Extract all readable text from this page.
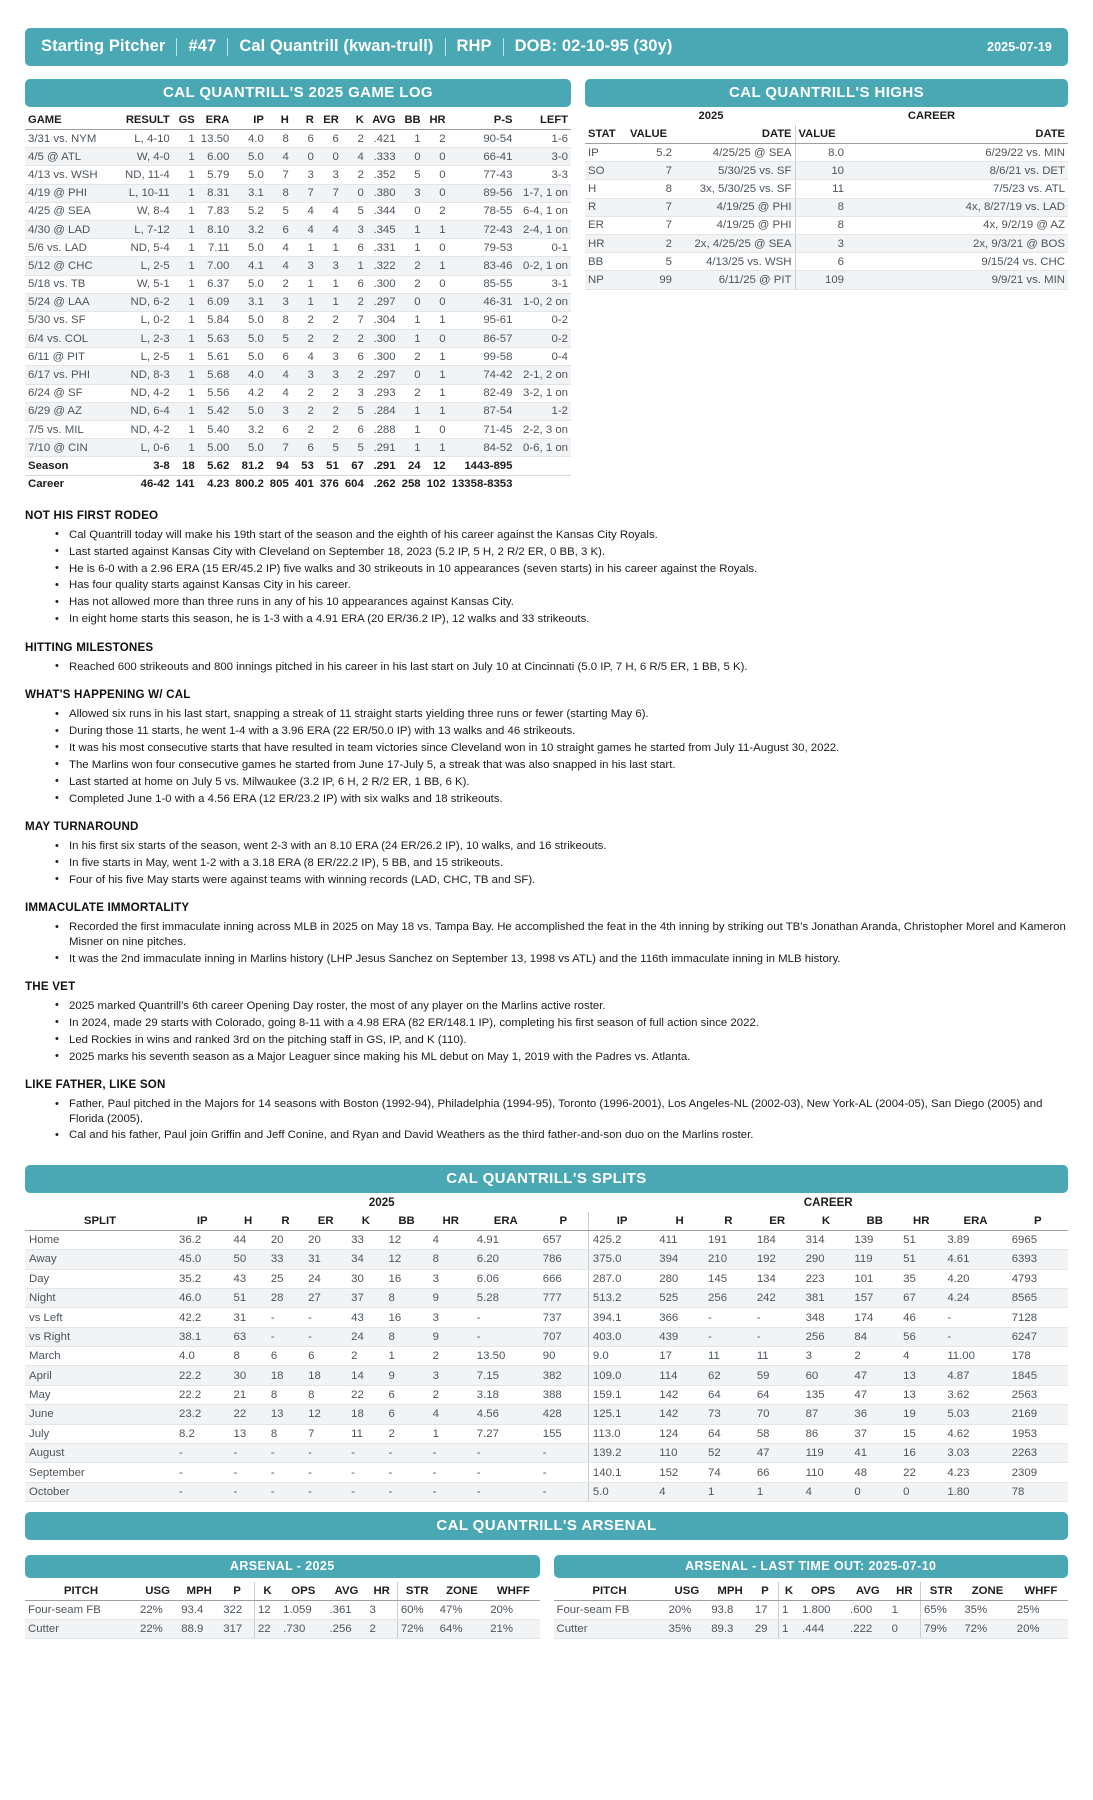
Starting Pitcher	#47	Cal Quantrill (kwan-trull)	RHP	DOB: 02-10-95 (30y)	2025-07-19
CAL QUANTRILL'S 2025 GAME LOG
GAME	RESULT	GS	ERA	IP	H	R	ER	K	AVG	BB	HR	P-S	LEFT
3/31 vs. NYM	L, 4-10	1	13.50	4.0	8	6	6	2	.421	1	2	90-54	1-6
4/5 @ ATL	W, 4-0	1	6.00	5.0	4	0	0	4	.333	0	0	66-41	3-0
4/13 vs. WSH	ND, 11-4	1	5.79	5.0	7	3	3	2	.352	5	0	77-43	3-3
4/19 @ PHI	L, 10-11	1	8.31	3.1	8	7	7	0	.380	3	0	89-56	1-7, 1 on
4/25 @ SEA	W, 8-4	1	7.83	5.2	5	4	4	5	.344	0	2	78-55	6-4, 1 on
4/30 @ LAD	L, 7-12	1	8.10	3.2	6	4	4	3	.345	1	1	72-43	2-4, 1 on
5/6 vs. LAD	ND, 5-4	1	7.11	5.0	4	1	1	6	.331	1	0	79-53	0-1
5/12 @ CHC	L, 2-5	1	7.00	4.1	4	3	3	1	.322	2	1	83-46	0-2, 1 on
5/18 vs. TB	W, 5-1	1	6.37	5.0	2	1	1	6	.300	2	0	85-55	3-1
5/24 @ LAA	ND, 6-2	1	6.09	3.1	3	1	1	2	.297	0	0	46-31	1-0, 2 on
5/30 vs. SF	L, 0-2	1	5.84	5.0	8	2	2	7	.304	1	1	95-61	0-2
6/4 vs. COL	L, 2-3	1	5.63	5.0	5	2	2	2	.300	1	0	86-57	0-2
6/11 @ PIT	L, 2-5	1	5.61	5.0	6	4	3	6	.300	2	1	99-58	0-4
6/17 vs. PHI	ND, 8-3	1	5.68	4.0	4	3	3	2	.297	0	1	74-42	2-1, 2 on
6/24 @ SF	ND, 4-2	1	5.56	4.2	4	2	2	3	.293	2	1	82-49	3-2, 1 on
6/29 @ AZ	ND, 6-4	1	5.42	5.0	3	2	2	5	.284	1	1	87-54	1-2
7/5 vs. MIL	ND, 4-2	1	5.40	3.2	6	2	2	6	.288	1	0	71-45	2-2, 3 on
7/10 @ CIN	L, 0-6	1	5.00	5.0	7	6	5	5	.291	1	1	84-52	0-6, 1 on
Season	3-8	18	5.62	81.2	94	53	51	67	.291	24	12	1443-895	
Career	46-42	141	4.23	800.2	805	401	376	604	.262	258	102	13358-8353	
CAL QUANTRILL'S HIGHS
	2025		CAREER	
STAT	VALUE	DATE	VALUE	DATE
IP	5.2	4/25/25 @ SEA	8.0	6/29/22 vs. MIN
SO	7	5/30/25 vs. SF	10	8/6/21 vs. DET
H	8	3x, 5/30/25 vs. SF	11	7/5/23 vs. ATL
R	7	4/19/25 @ PHI	8	4x, 8/27/19 vs. LAD
ER	7	4/19/25 @ PHI	8	4x, 9/2/19 @ AZ
HR	2	2x, 4/25/25 @ SEA	3	2x, 9/3/21 @ BOS
BB	5	4/13/25 vs. WSH	6	9/15/24 vs. CHC
NP	99	6/11/25 @ PIT	109	9/9/21 vs. MIN
NOT HIS FIRST RODEO
• Cal Quantrill today will make his 19th start of the season and the eighth of his career against the Kansas City Royals.
• Last started against Kansas City with Cleveland on September 18, 2023 (5.2 IP, 5 H, 2 R/2 ER, 0 BB, 3 K).
• He is 6-0 with a 2.96 ERA (15 ER/45.2 IP) five walks and 30 strikeouts in 10 appearances (seven starts) in his career against the Royals.
• Has four quality starts against Kansas City in his career.
• Has not allowed more than three runs in any of his 10 appearances against Kansas City.
• In eight home starts this season, he is 1-3 with a 4.91 ERA (20 ER/36.2 IP), 12 walks and 33 strikeouts.
HITTING MILESTONES
• Reached 600 strikeouts and 800 innings pitched in his career in his last start on July 10 at Cincinnati (5.0 IP, 7 H, 6 R/5 ER, 1 BB, 5 K).
WHAT'S HAPPENING W/ CAL
• Allowed six runs in his last start, snapping a streak of 11 straight starts yielding three runs or fewer (starting May 6).
• During those 11 starts, he went 1-4 with a 3.96 ERA (22 ER/50.0 IP) with 13 walks and 46 strikeouts.
• It was his most consecutive starts that have resulted in team victories since Cleveland won in 10 straight games he started from July 11-August 30, 2022.
• The Marlins won four consecutive games he started from June 17-July 5, a streak that was also snapped in his last start.
• Last started at home on July 5 vs. Milwaukee (3.2 IP, 6 H, 2 R/2 ER, 1 BB, 6 K).
• Completed June 1-0 with a 4.56 ERA (12 ER/23.2 IP) with six walks and 18 strikeouts.
MAY TURNAROUND
• In his first six starts of the season, went 2-3 with an 8.10 ERA (24 ER/26.2 IP), 10 walks, and 16 strikeouts.
• In five starts in May, went 1-2 with a 3.18 ERA (8 ER/22.2 IP), 5 BB, and 15 strikeouts.
• Four of his five May starts were against teams with winning records (LAD, CHC, TB and SF).
IMMACULATE IMMORTALITY
• Recorded the first immaculate inning across MLB in 2025 on May 18 vs. Tampa Bay. He accomplished the feat in the 4th inning by striking out TB's Jonathan Aranda, Christopher Morel and Kameron Misner on nine pitches.
• It was the 2nd immaculate inning in Marlins history (LHP Jesus Sanchez on September 13, 1998 vs ATL) and the 116th immaculate inning in MLB history.
THE VET
• 2025 marked Quantrill's 6th career Opening Day roster, the most of any player on the Marlins active roster.
• In 2024, made 29 starts with Colorado, going 8-11 with a 4.98 ERA (82 ER/148.1 IP), completing his first season of full action since 2022.
• Led Rockies in wins and ranked 3rd on the pitching staff in GS, IP, and K (110).
• 2025 marks his seventh season as a Major Leaguer since making his ML debut on May 1, 2019 with the Padres vs. Atlanta.
LIKE FATHER, LIKE SON
• Father, Paul pitched in the Majors for 14 seasons with Boston (1992-94), Philadelphia (1994-95), Toronto (1996-2001), Los Angeles-NL (2002-03), New York-AL (2004-05), San Diego (2005) and Florida (2005).
• Cal and his father, Paul join Griffin and Jeff Conine, and Ryan and David Weathers as the third father-and-son duo on the Marlins roster.
CAL QUANTRILL'S SPLITS
	2025									CAREER								
SPLIT	IP	H	R	ER	K	BB	HR	ERA	P	IP	H	R	ER	K	BB	HR	ERA	P
Home	36.2	44	20	20	33	12	4	4.91	657	425.2	411	191	184	314	139	51	3.89	6965
Away	45.0	50	33	31	34	12	8	6.20	786	375.0	394	210	192	290	119	51	4.61	6393
Day	35.2	43	25	24	30	16	3	6.06	666	287.0	280	145	134	223	101	35	4.20	4793
Night	46.0	51	28	27	37	8	9	5.28	777	513.2	525	256	242	381	157	67	4.24	8565
vs Left	42.2	31	-	-	43	16	3	-	737	394.1	366	-	-	348	174	46	-	7128
vs Right	38.1	63	-	-	24	8	9	-	707	403.0	439	-	-	256	84	56	-	6247
March	4.0	8	6	6	2	1	2	13.50	90	9.0	17	11	11	3	2	4	11.00	178
April	22.2	30	18	18	14	9	3	7.15	382	109.0	114	62	59	60	47	13	4.87	1845
May	22.2	21	8	8	22	6	2	3.18	388	159.1	142	64	64	135	47	13	3.62	2563
June	23.2	22	13	12	18	6	4	4.56	428	125.1	142	73	70	87	36	19	5.03	2169
July	8.2	13	8	7	11	2	1	7.27	155	113.0	124	64	58	86	37	15	4.62	1953
August	-	-	-	-	-	-	-	-	-	139.2	110	52	47	119	41	16	3.03	2263
September	-	-	-	-	-	-	-	-	-	140.1	152	74	66	110	48	22	4.23	2309
October	-	-	-	-	-	-	-	-	-	5.0	4	1	1	4	0	0	1.80	78
CAL QUANTRILL'S ARSENAL
ARSENAL - 2025
PITCH	USG	MPH	P	K	OPS	AVG	HR	STR	ZONE	WHFF
Four-seam FB	22%	93.4	322	12	1.059	.361	3	60%	47%	20%
Cutter	22%	88.9	317	22	.730	.256	2	72%	64%	21%
ARSENAL - LAST TIME OUT: 2025-07-10
PITCH	USG	MPH	P	K	OPS	AVG	HR	STR	ZONE	WHFF
Four-seam FB	20%	93.8	17	1	1.800	.600	1	65%	35%	25%
Cutter	35%	89.3	29	1	.444	.222	0	79%	72%	20%
